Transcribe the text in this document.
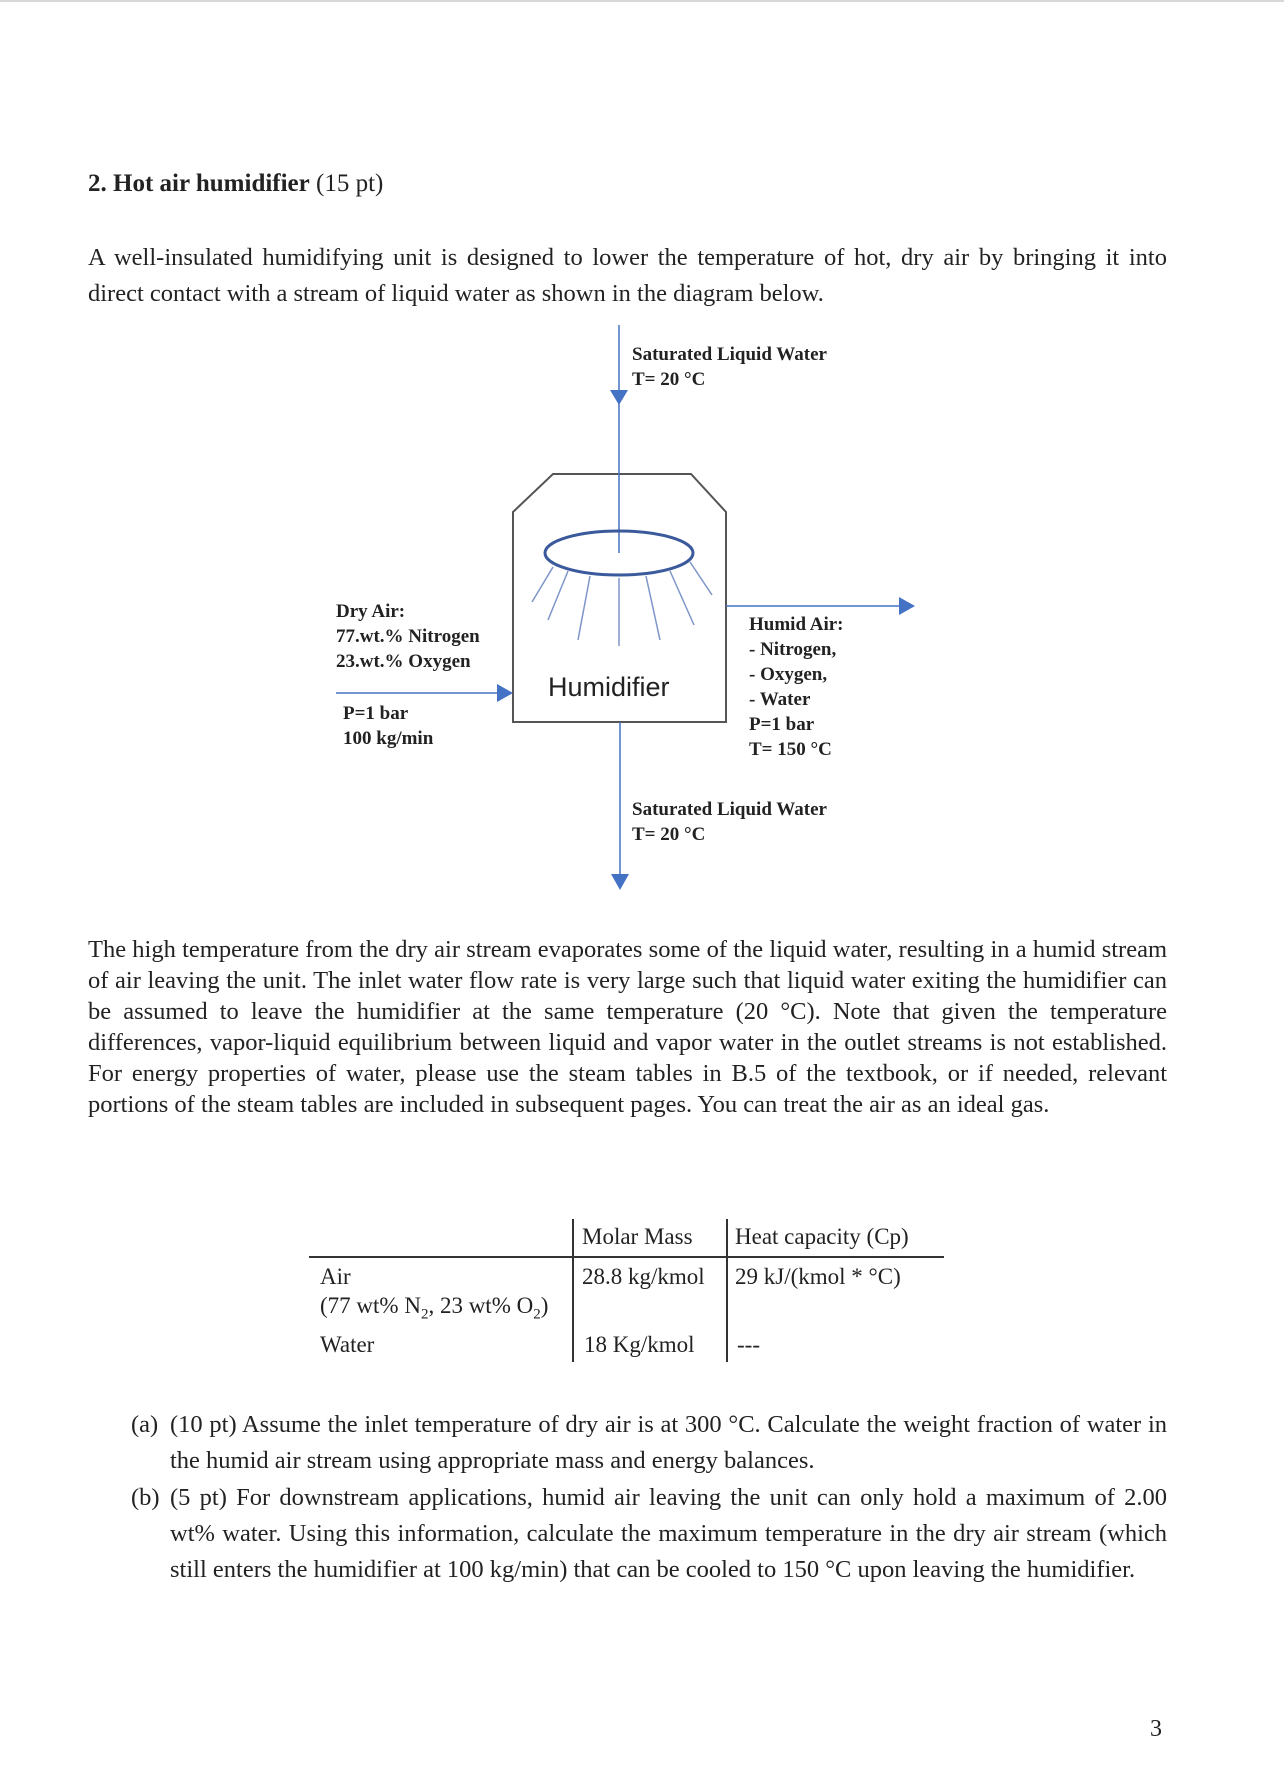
2. Hot air humidifier (15 pt)
A well-insulated humidifying unit is designed to lower the temperature of hot, dry air by bringing it into direct contact with a stream of liquid water as shown in the diagram below.
Humidifier
Saturated Liquid Water
T= 20 °C
Saturated Liquid Water
T= 20 °C
Dry Air:
77.wt.% Nitrogen
23.wt.% Oxygen
P=1 bar
100 kg/min
Humid Air:
- Nitrogen,
- Oxygen,
- Water
P=1 bar
T= 150 °C
The high temperature from the dry air stream evaporates some of the liquid water, resulting in a humid stream of air leaving the unit. The inlet water flow rate is very large such that liquid water exiting the humidifier can be assumed to leave the humidifier at the same temperature (20 °C). Note that given the temperature differences, vapor-liquid equilibrium between liquid and vapor water in the outlet streams is not established. For energy properties of water, please use the steam tables in B.5 of the textbook, or if needed, relevant portions of the steam tables are included in subsequent pages. You can treat the air as an ideal gas.
Molar Mass Heat capacity (Cp)
Air
(77 wt% $N_2$, 23 wt% $O_2$)
28.8 kg/kmol 29 kJ/(kmol * °C)
Water	18 Kg/kmol ---
(a) (10 pt) Assume the inlet temperature of dry air is at 300 °C. Calculate the weight fraction of water in the humid air stream using appropriate mass and energy balances.
(b) (5 pt) For downstream applications, humid air leaving the unit can only hold a maximum of 2.00 wt% water. Using this information, calculate the maximum temperature in the dry air stream (which still enters the humidifier at 100 kg/min) that can be cooled to 150 °C upon leaving the humidifier.
3
